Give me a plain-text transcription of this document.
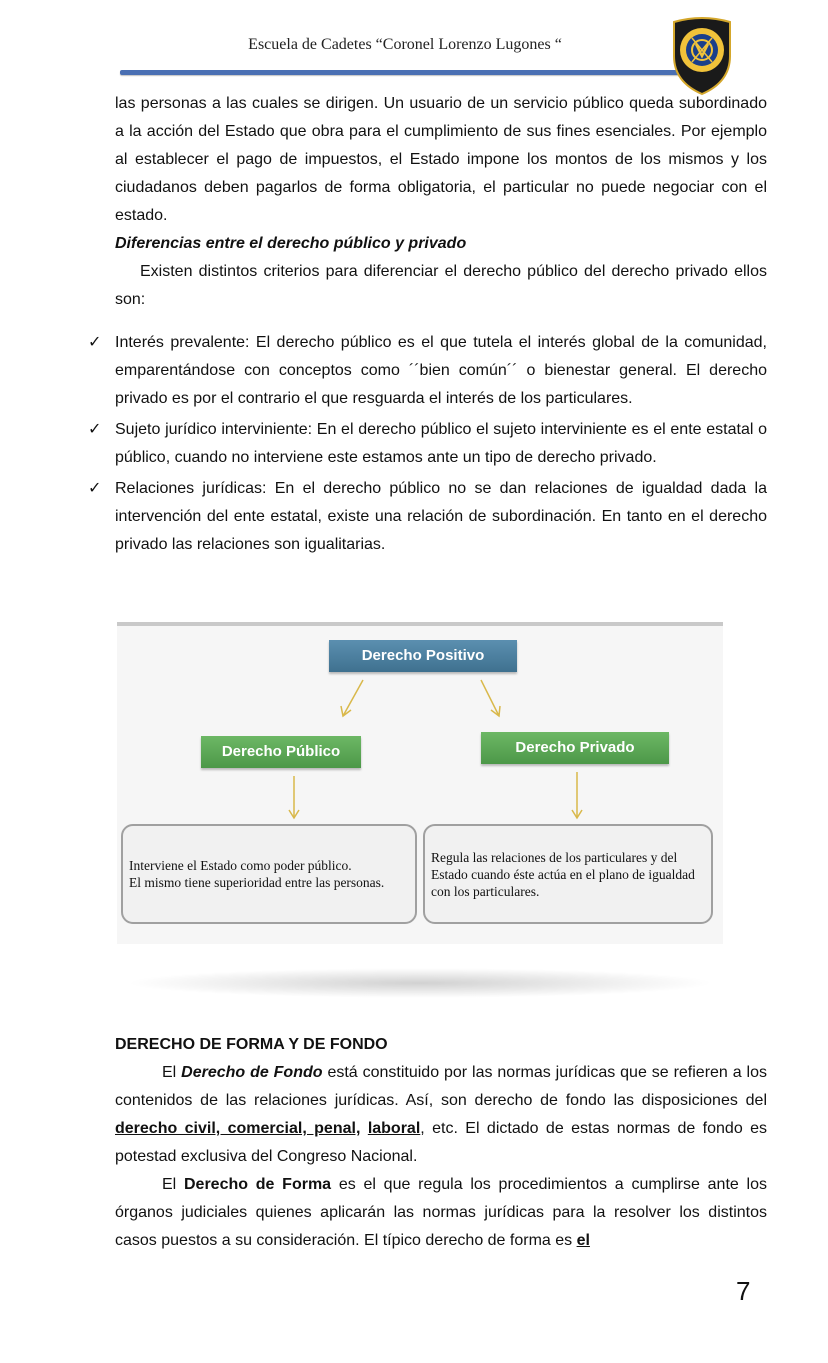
Escuela de Cadetes “Coronel Lorenzo Lugones “

las personas a las cuales se dirigen. Un usuario de un servicio público queda subordinado a la acción del Estado que obra para el cumplimiento de sus fines esenciales. Por ejemplo al establecer el pago de impuestos, el Estado impone los montos de los mismos y los ciudadanos deben pagarlos de forma obligatoria, el particular no puede negociar con el estado.

Diferencias entre el derecho público y privado

Existen distintos criterios para diferenciar el derecho público del derecho privado ellos son:

✓ Interés prevalente: El derecho público es el que tutela el interés global de la comunidad, emparentándose con conceptos como ´´bien común´´ o bienestar general. El derecho privado es por el contrario el que resguarda el interés de los particulares.
✓ Sujeto jurídico interviniente: En el derecho público el sujeto interviniente es el ente estatal o público, cuando no interviene este estamos ante un tipo de derecho privado.
✓ Relaciones jurídicas: En el derecho público no se dan relaciones de igualdad dada la intervención del ente estatal, existe una relación de subordinación. En tanto en el derecho privado las relaciones son igualitarias.
Derecho Positivo
Derecho Público	Derecho Privado
Interviene el Estado como poder público.
El mismo tiene superioridad entre las personas.
Regula las relaciones de los particulares y del Estado cuando éste actúa en el plano de igualdad con los particulares.

DERECHO DE FORMA Y DE FONDO

El Derecho de Fondo está constituido por las normas jurídicas que se refieren a los contenidos de las relaciones jurídicas. Así, son derecho de fondo las disposiciones del derecho civil, comercial, penal, laboral, etc. El dictado de estas normas de fondo es potestad exclusiva del Congreso Nacional.

El Derecho de Forma es el que regula los procedimientos a cumplirse ante los órganos judiciales quienes aplicarán las normas jurídicas para la resolver los distintos casos puestos a su consideración. El típico derecho de forma es el

7
